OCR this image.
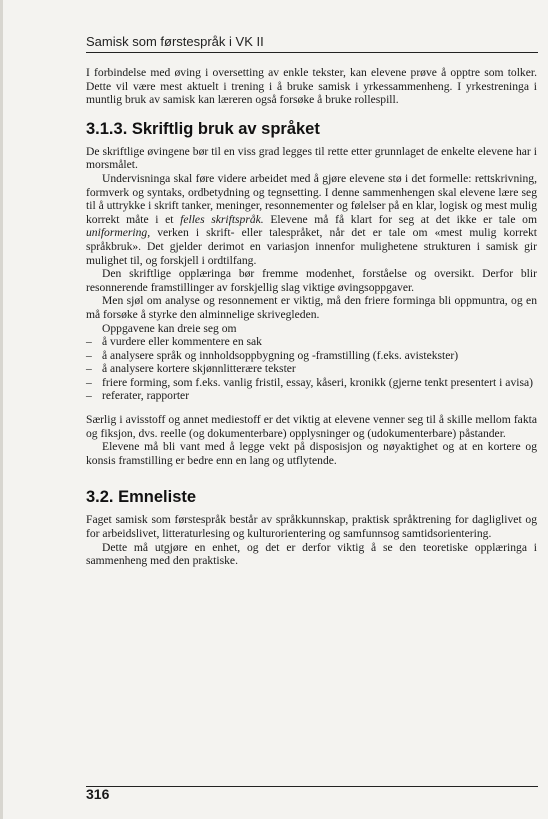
Samisk som førstespråk i VK II

I forbindelse med øving i oversetting av enkle tekster, kan elevene prøve å opptre som tolker. Dette vil være mest aktuelt i trening i å bruke samisk i yrkessammenheng. I yrkestreninga i muntlig bruk av samisk kan læreren også forsøke å bruke rollespill.

3.1.3. Skriftlig bruk av språket

De skriftlige øvingene bør til en viss grad legges til rette etter grunnlaget de enkelte elevene har i morsmålet.

Undervisninga skal føre videre arbeidet med å gjøre elevene stø i det formelle: rettskrivning, formverk og syntaks, ordbetydning og tegnsetting. I denne sammenhengen skal elevene lære seg til å uttrykke i skrift tanker, meninger, resonnementer og følelser på en klar, logisk og mest mulig korrekt måte i et felles skriftspråk. Elevene må få klart for seg at det ikke er tale om uniformering, verken i skrift- eller talespråket, når det er tale om «mest mulig korrekt språkbruk». Det gjelder derimot en variasjon innenfor mulighetene strukturen i samisk gir mulighet til, og forskjell i ordtilfang.

Den skriftlige opplæringa bør fremme modenhet, forståelse og oversikt. Derfor blir resonnerende framstillinger av forskjellig slag viktige øvingsoppgaver.

Men sjøl om analyse og resonnement er viktig, må den friere forminga bli oppmuntra, og en må forsøke å styrke den alminnelige skrivegleden.

Oppgavene kan dreie seg om

– å vurdere eller kommentere en sak
– å analysere språk og innholdsoppbygning og -framstilling (f.eks. avistekster)
– å analysere kortere skjønnlitterære tekster
– friere forming, som f.eks. vanlig fristil, essay, kåseri, kronikk (gjerne tenkt presentert i avisa)
– referater, rapporter

Særlig i avisstoff og annet mediestoff er det viktig at elevene venner seg til å skille mellom fakta og fiksjon, dvs. reelle (og dokumenterbare) opplysninger og (udokumenterbare) påstander.

Elevene må bli vant med å legge vekt på disposisjon og nøyaktighet og at en kortere og konsis framstilling er bedre enn en lang og utflytende.

3.2. Emneliste

Faget samisk som førstespråk består av språkkunnskap, praktisk språktrening for dagliglivet og for arbeidslivet, litteraturlesing og kulturorientering og samfunnsog samtidsorientering.

Dette må utgjøre en enhet, og det er derfor viktig å se den teoretiske opplæringa i sammenheng med den praktiske.

316
